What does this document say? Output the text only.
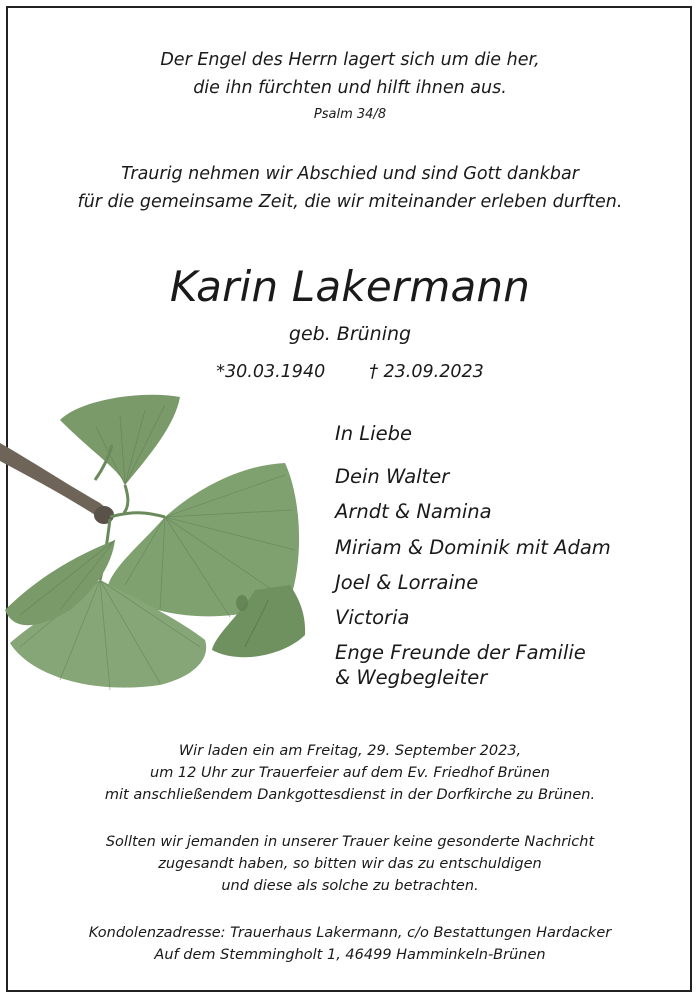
Der Engel des Herrn lagert sich um die her,
die ihn fürchten und hilft ihnen aus.
Psalm 34/8
Traurig nehmen wir Abschied und sind Gott dankbar
für die gemeinsame Zeit, die wir miteinander erleben durften.
Karin Lakermann
geb. Brüning
*30.03.1940	† 23.09.2023
In Liebe
Dein Walter
Arndt & Namina
Miriam & Dominik mit Adam
Joel & Lorraine
Victoria
Enge Freunde der Familie
& Wegbegleiter

Wir laden ein am Freitag, 29. September 2023,

um 12 Uhr zur Trauerfeier auf dem Ev. Friedhof Brünen

mit anschließendem Dankgottesdienst in der Dorfkirche zu Brünen.

Sollten wir jemanden in unserer Trauer keine gesonderte Nachricht
zugesandt haben, so bitten wir das zu entschuldigen
und diese als solche zu betrachten.
Kondolenzadresse: Trauerhaus Lakermann, c/o Bestattungen Hardacker
Auf dem Stemmingholt 1, 46499 Hamminkeln-Brünen
